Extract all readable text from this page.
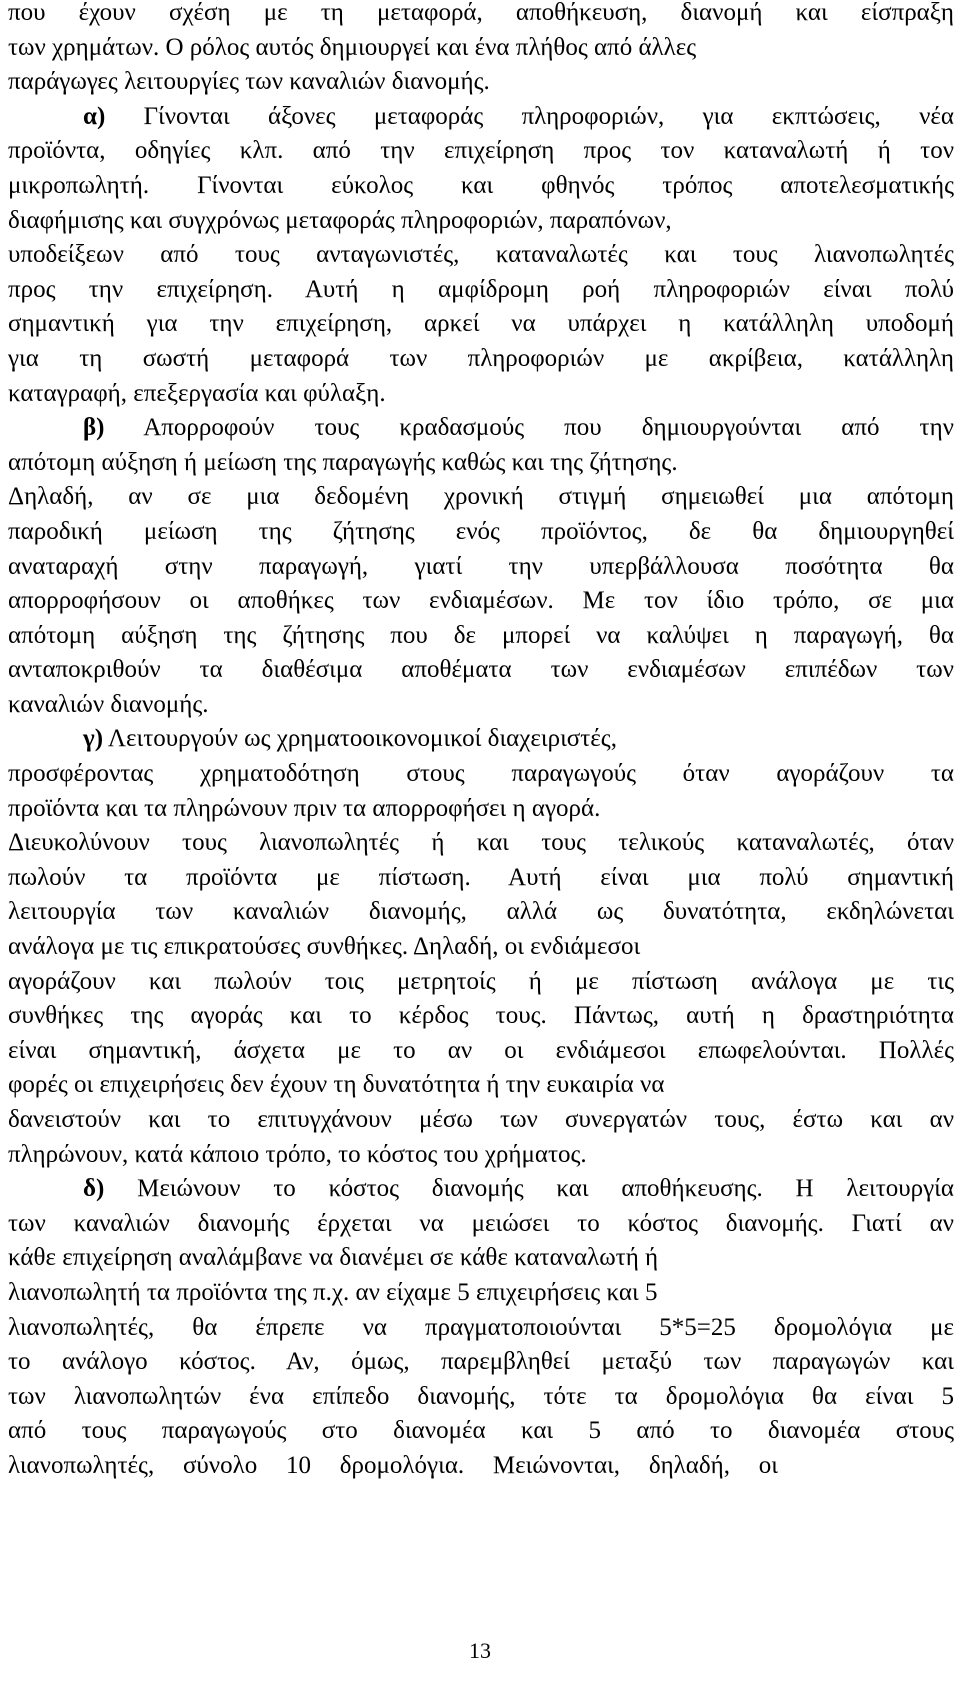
που έχουν σχέση με τη μεταφορά, αποθήκευση, διανομή και είσπραξη
των χρημάτων. Ο ρόλος αυτός δημιουργεί και ένα πλήθος από άλλες
παράγωγες λειτουργίες των καναλιών διανομής.
α) Γίνονται άξονες μεταφοράς πληροφοριών, για εκπτώσεις, νέα
προϊόντα, οδηγίες κλπ. από την επιχείρηση προς τον καταναλωτή ή τον
μικροπωλητή. Γίνονται εύκολος και φθηνός τρόπος αποτελεσματικής
διαφήμισης και συγχρόνως μεταφοράς πληροφοριών, παραπόνων,
υποδείξεων από τους ανταγωνιστές, καταναλωτές και τους λιανοπωλητές
προς την επιχείρηση. Αυτή η αμφίδρομη ροή πληροφοριών είναι πολύ
σημαντική για την επιχείρηση, αρκεί να υπάρχει η κατάλληλη υποδομή
για τη σωστή μεταφορά των πληροφοριών με ακρίβεια, κατάλληλη
καταγραφή, επεξεργασία και φύλαξη.
β) Απορροφούν τους κραδασμούς που δημιουργούνται από την
απότομη αύξηση ή μείωση της παραγωγής καθώς και της ζήτησης.
Δηλαδή, αν σε μια δεδομένη χρονική στιγμή σημειωθεί μια απότομη
παροδική μείωση της ζήτησης ενός προϊόντος, δε θα δημιουργηθεί
αναταραχή στην παραγωγή, γιατί την υπερβάλλουσα ποσότητα θα
απορροφήσουν οι αποθήκες των ενδιαμέσων. Με τον ίδιο τρόπο, σε μια
απότομη αύξηση της ζήτησης που δε μπορεί να καλύψει η παραγωγή, θα
ανταποκριθούν τα διαθέσιμα αποθέματα των ενδιαμέσων επιπέδων των
καναλιών διανομής.
γ) Λειτουργούν ως χρηματοοικονομικοί διαχειριστές,
προσφέροντας χρηματοδότηση στους παραγωγούς όταν αγοράζουν τα
προϊόντα και τα πληρώνουν πριν τα απορροφήσει η αγορά.
Διευκολύνουν τους λιανοπωλητές ή και τους τελικούς καταναλωτές, όταν
πωλούν τα προϊόντα με πίστωση. Αυτή είναι μια πολύ σημαντική
λειτουργία των καναλιών διανομής, αλλά ως δυνατότητα, εκδηλώνεται
ανάλογα με τις επικρατούσες συνθήκες. Δηλαδή, οι ενδιάμεσοι
αγοράζουν και πωλούν τοις μετρητοίς ή με πίστωση ανάλογα με τις
συνθήκες της αγοράς και το κέρδος τους. Πάντως, αυτή η δραστηριότητα
είναι σημαντική, άσχετα με το αν οι ενδιάμεσοι επωφελούνται. Πολλές
φορές οι επιχειρήσεις δεν έχουν τη δυνατότητα ή την ευκαιρία να
δανειστούν και το επιτυγχάνουν μέσω των συνεργατών τους, έστω και αν
πληρώνουν, κατά κάποιο τρόπο, το κόστος του χρήματος.
δ) Μειώνουν το κόστος διανομής και αποθήκευσης. Η λειτουργία
των καναλιών διανομής έρχεται να μειώσει το κόστος διανομής. Γιατί αν
κάθε επιχείρηση αναλάμβανε να διανέμει σε κάθε καταναλωτή ή
λιανοπωλητή τα προϊόντα της π.χ. αν είχαμε 5 επιχειρήσεις και 5
λιανοπωλητές, θα έπρεπε να πραγματοποιούνται 5*5=25 δρομολόγια με
το ανάλογο κόστος. Αν, όμως, παρεμβληθεί μεταξύ των παραγωγών και
των λιανοπωλητών ένα επίπεδο διανομής, τότε τα δρομολόγια θα είναι 5
από τους παραγωγούς στο διανομέα και 5 από το διανομέα στους
λιανοπωλητές, σύνολο 10 δρομολόγια. Μειώνονται, δηλαδή, οι
13
